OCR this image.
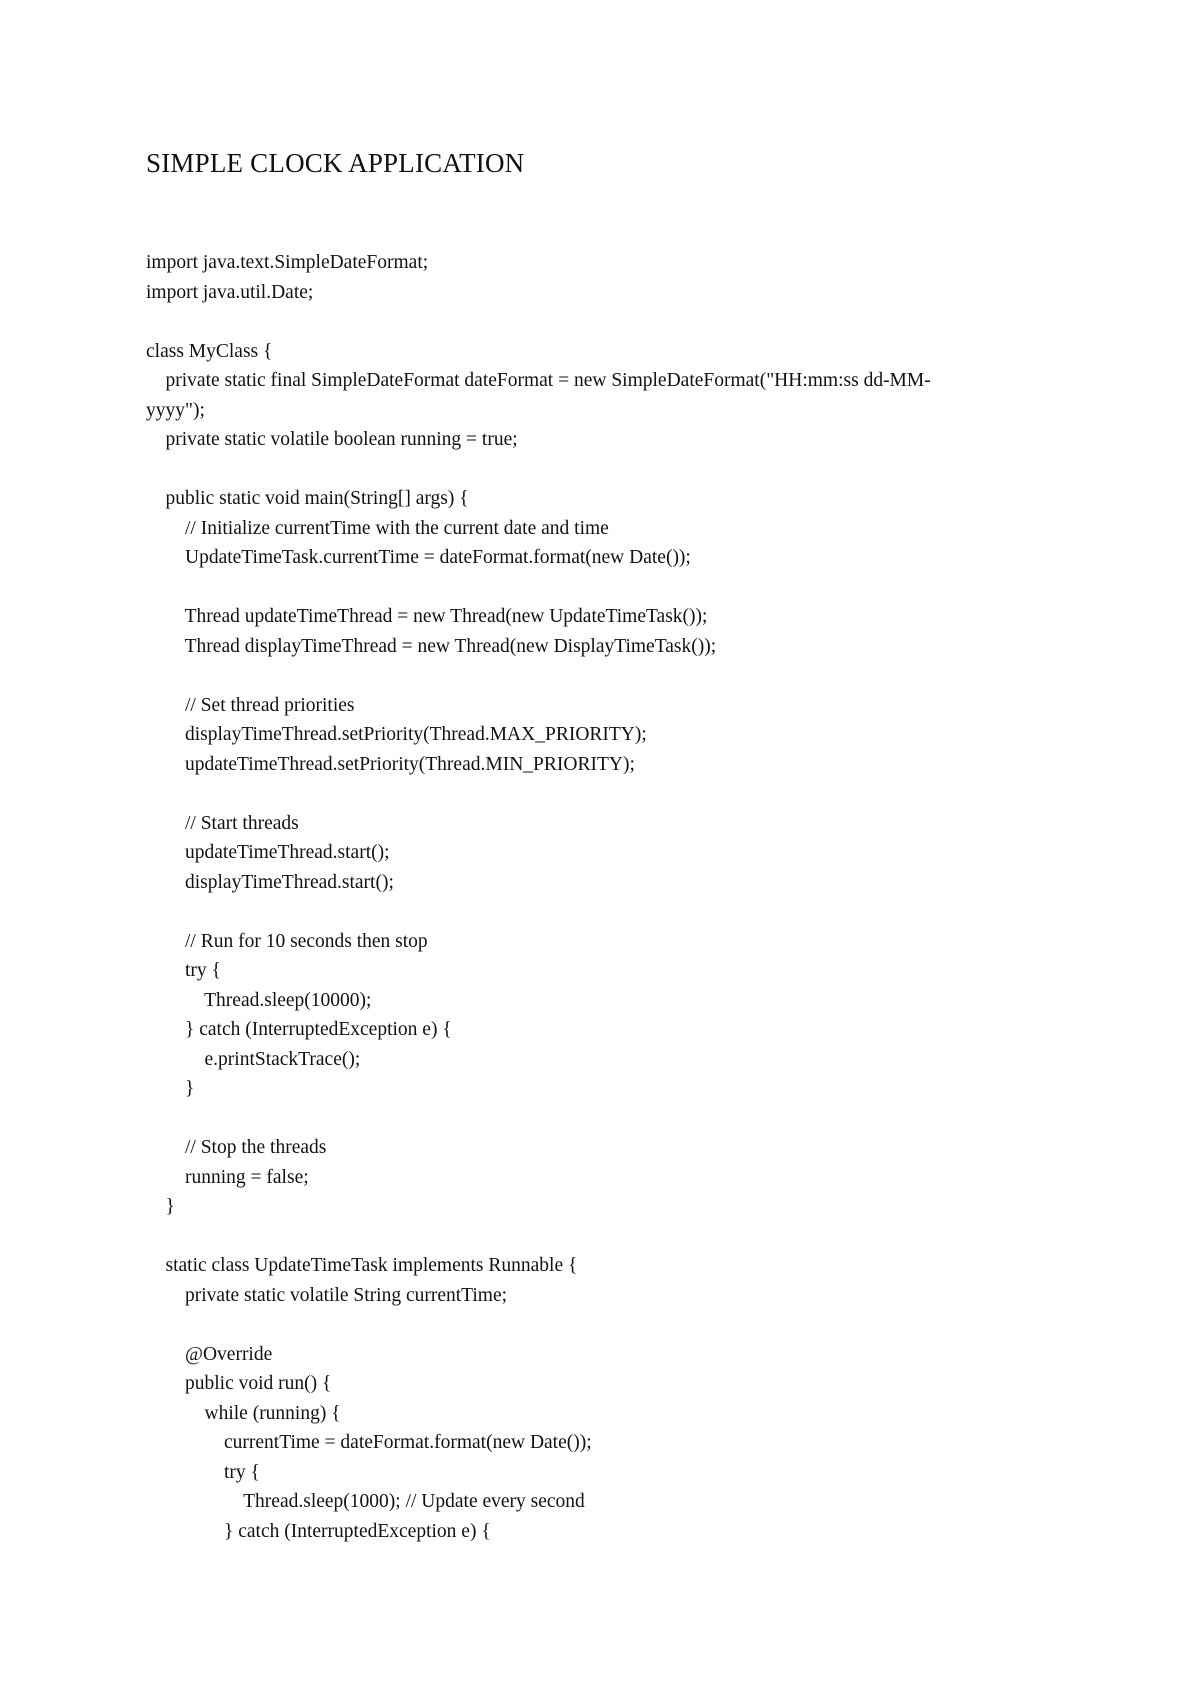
SIMPLE CLOCK APPLICATION
import java.text.SimpleDateFormat;
import java.util.Date;
class MyClass {
private static final SimpleDateFormat dateFormat = new SimpleDateFormat("HH:mm:ss dd-MM-
yyyy");
private static volatile boolean running = true;
public static void main(String[] args) {
// Initialize currentTime with the current date and time
UpdateTimeTask.currentTime = dateFormat.format(new Date());
Thread updateTimeThread = new Thread(new UpdateTimeTask());
Thread displayTimeThread = new Thread(new DisplayTimeTask());
// Set thread priorities
displayTimeThread.setPriority(Thread.MAX_PRIORITY);
updateTimeThread.setPriority(Thread.MIN_PRIORITY);
// Start threads
updateTimeThread.start();
displayTimeThread.start();
// Run for 10 seconds then stop
try {
Thread.sleep(10000);
} catch (InterruptedException e) {
e.printStackTrace();
}
// Stop the threads
running = false;
}
static class UpdateTimeTask implements Runnable {
private static volatile String currentTime;
@Override
public void run() {
while (running) {
currentTime = dateFormat.format(new Date());
try {
Thread.sleep(1000); // Update every second
} catch (InterruptedException e) {
